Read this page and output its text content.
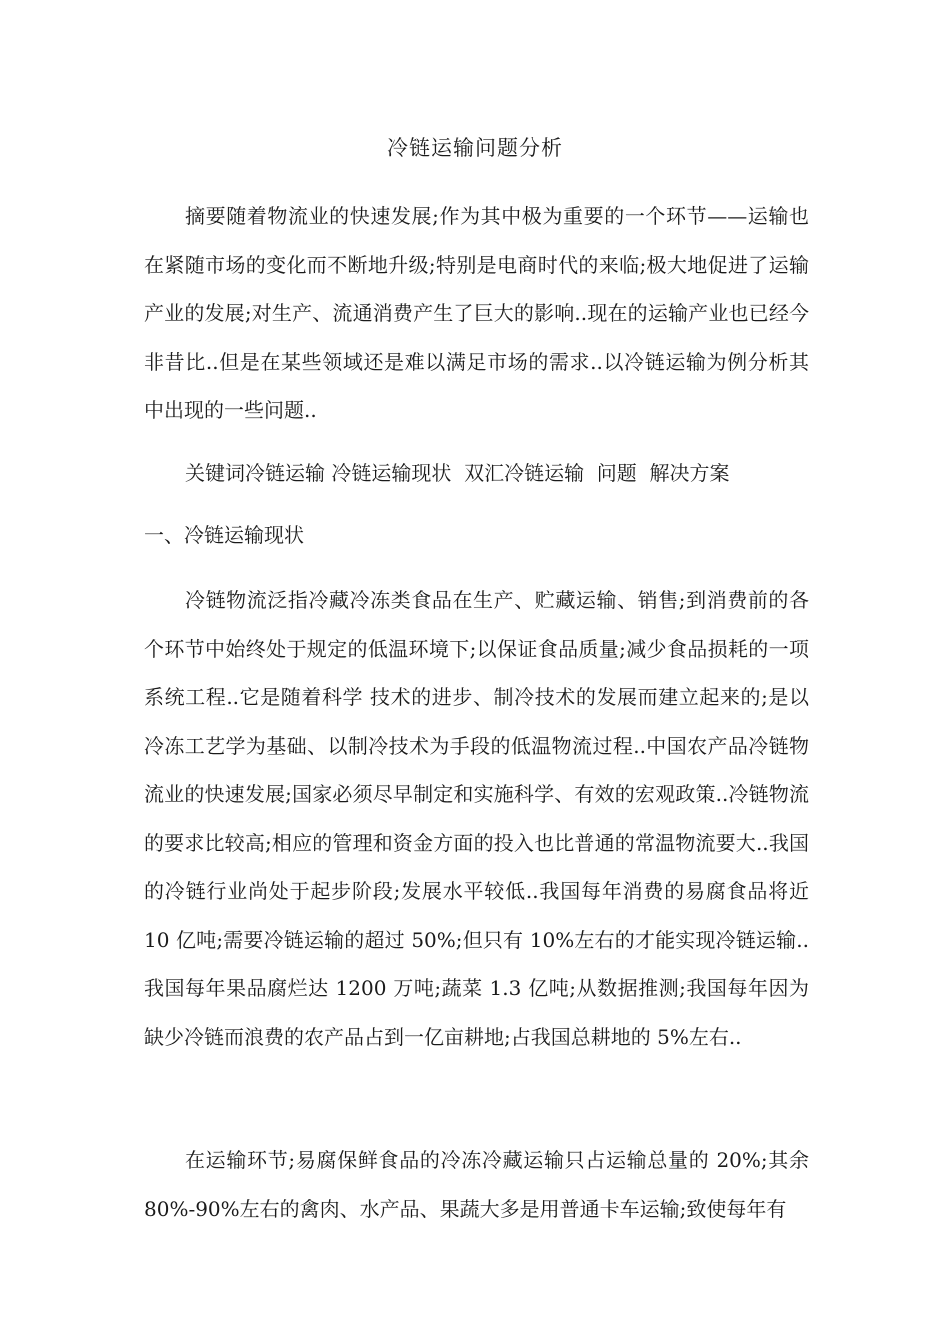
冷链运输问题分析

摘要随着物流业的快速发展;作为其中极为重要的一个环节——运输也在紧随市场的变化而不断地升级;特别是电商时代的来临;极大地促进了运输产业的发展;对生产、流通消费产生了巨大的影响..现在的运输产业也已经今非昔比..但是在某些领域还是难以满足市场的需求..以冷链运输为例分析其中出现的一些问题..

关键词冷链运输 冷链运输现状  双汇冷链运输  问题  解决方案

一、冷链运输现状

冷链物流泛指冷藏冷冻类食品在生产、贮藏运输、销售;到消费前的各个环节中始终处于规定的低温环境下;以保证食品质量;减少食品损耗的一项系统工程..它是随着科学 技术的进步、制冷技术的发展而建立起来的;是以冷冻工艺学为基础、以制冷技术为手段的低温物流过程..中国农产品冷链物流业的快速发展;国家必须尽早制定和实施科学、有效的宏观政策..冷链物流的要求比较高;相应的管理和资金方面的投入也比普通的常温物流要大..我国的冷链行业尚处于起步阶段;发展水平较低..我国每年消费的易腐食品将近 10 亿吨;需要冷链运输的超过 50%;但只有 10%左右的才能实现冷链运输..我国每年果品腐烂达 1200 万吨;蔬菜 1.3 亿吨;从数据推测;我国每年因为缺少冷链而浪费的农产品占到一亿亩耕地;占我国总耕地的 5%左右..

在运输环节;易腐保鲜食品的冷冻冷藏运输只占运输总量的 20%;其余 80%-90%左右的禽肉、水产品、果蔬大多是用普通卡车运输;致使每年有
